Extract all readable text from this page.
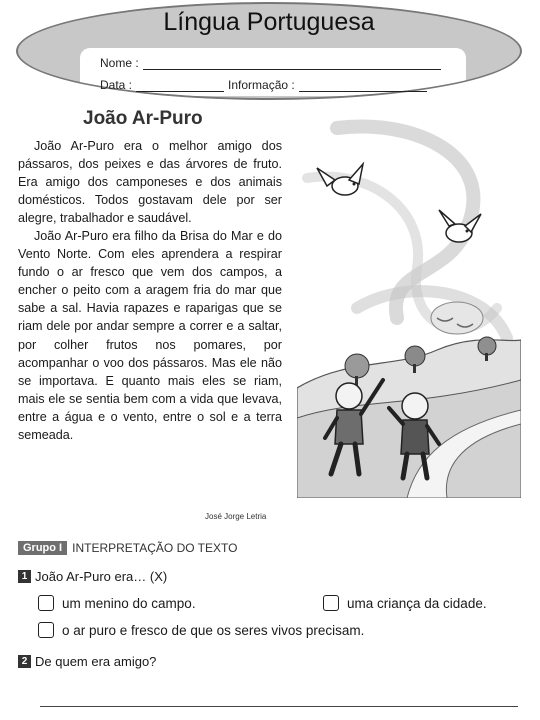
Língua Portuguesa
Nome :
Data :	Informação :
João Ar-Puro

João Ar-Puro era o melhor amigo dos pássaros, dos peixes e das árvores de fruto. Era amigo dos camponeses e dos animais domésticos. Todos gostavam dele por ser alegre, trabalhador e saudável.

João Ar-Puro era filho da Brisa do Mar e do Vento Norte. Com eles aprendera a respirar fundo o ar fresco que vem dos campos, a encher o peito com a aragem fria do mar que sabe a sal. Havia rapazes e raparigas que se riam dele por andar sempre a correr e a saltar, por colher frutos nos pomares, por acompanhar o voo dos pássaros. Mas ele não se importava. E quanto mais eles se riam, mais ele se sentia bem com a vida que levava, entre a água e o vento, entre o sol e a terra semeada.

José Jorge Letria
Grupo I INTERPRETAÇÃO DO TEXTO
1 João Ar-Puro era… (X)
um menino do campo.	uma criança da cidade.
o ar puro e fresco de que os seres vivos precisam.
2 De quem era amigo?
